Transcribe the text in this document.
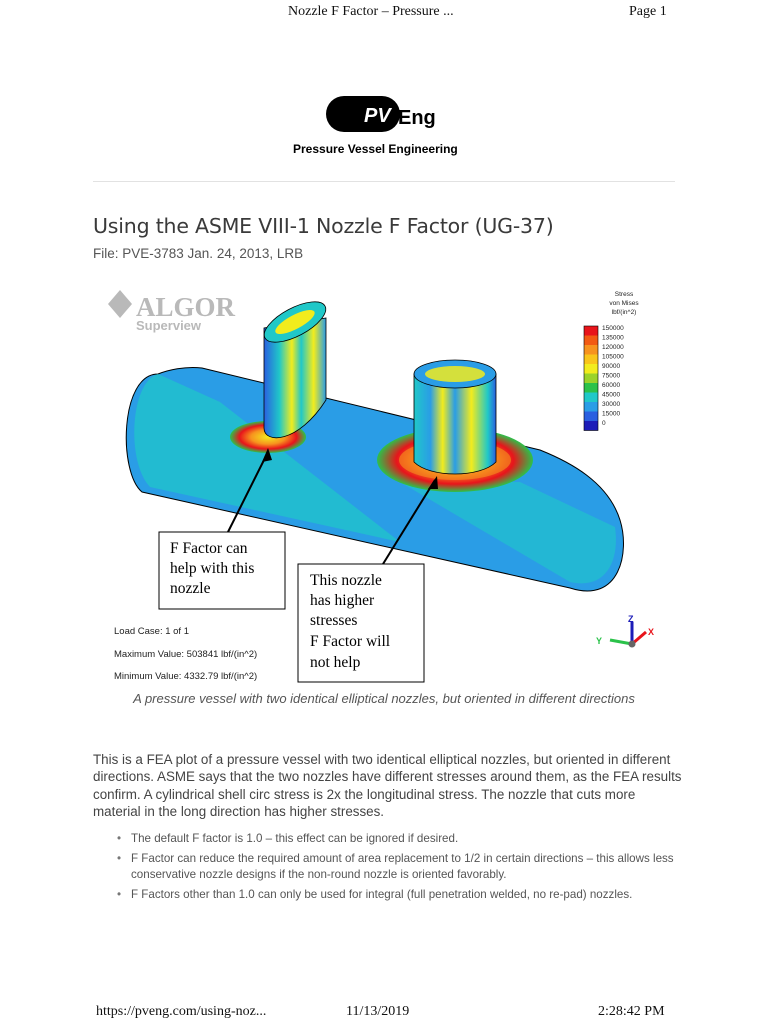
Nozzle F Factor – Pressure ...	Page 1
PV Eng
Pressure Vessel Engineering
Using the ASME VIII-1 Nozzle F Factor (UG-37)
File: PVE-3783 Jan. 24, 2013, LRB
ALGOR
Superview
Stress
von Mises
lbf/(in^2)
150000
135000
120000
105000
90000
75000
60000
45000
30000
15000
0
F Factor can
help with this
nozzle	This nozzle
has higher
stresses
F Factor will
not help
Load Case: 1 of 1
Maximum Value: 503841 lbf/(in^2)
Minimum Value: 4332.79 lbf/(in^2)
Z
Y
X
A pressure vessel with two identical elliptical nozzles, but oriented in different directions

This is a FEA plot of a pressure vessel with two identical elliptical nozzles, but oriented in different directions. ASME says that the two nozzles have different stresses around them, as the FEA results confirm. A cylindrical shell circ stress is 2x the longitudinal stress. The nozzle that cuts more material in the long direction has higher stresses.

• The default F factor is 1.0 – this effect can be ignored if desired.
• F Factor can reduce the required amount of area replacement to 1/2 in certain directions – this allows less conservative nozzle designs if the non-round nozzle is oriented favorably.
• F Factors other than 1.0 can only be used for integral (full penetration welded, no re-pad) nozzles.
https://pveng.com/using-noz...	11/13/2019	2:28:42 PM
